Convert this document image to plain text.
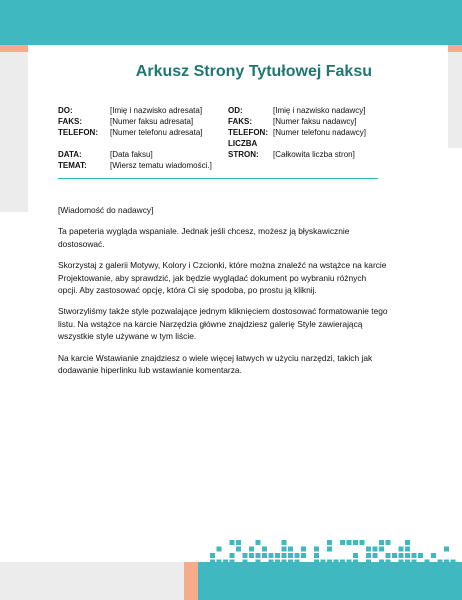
Arkusz Strony Tytułowej Faksu
DO:	[Imię i nazwisko adresata]
FAKS:	[Numer faksu adresata]
TELEFON: [Numer telefonu adresata]
DATA:	[Data faksu]
TEMAT:	[Wiersz tematu wiadomości.]
OD:	[Imię i nazwisko nadawcy]
FAKS:	[Numer faksu nadawcy]
TELEFON: [Numer telefonu nadawcy]
LICZBA
STRON: [Całkowita liczba stron]

[Wiadomość do nadawcy]

Ta papeteria wygląda wspaniale. Jednak jeśli chcesz, możesz ją błyskawicznie dostosować.

Skorzystaj z galerii Motywy, Kolory i Czcionki, które można znaleźć na wstążce na karcie Projektowanie, aby sprawdzić, jak będzie wyglądać dokument po wybraniu różnych opcji. Aby zastosować opcję, która Ci się spodoba, po prostu ją kliknij.

Stworzyliśmy także style pozwalające jednym kliknięciem dostosować formatowanie tego listu. Na wstążce na karcie Narzędzia główne znajdziesz galerię Style zawierającą wszystkie style używane w tym liście.

Na karcie Wstawianie znajdziesz o wiele więcej łatwych w użyciu narzędzi, takich jak dodawanie hiperlinku lub wstawianie komentarza.
